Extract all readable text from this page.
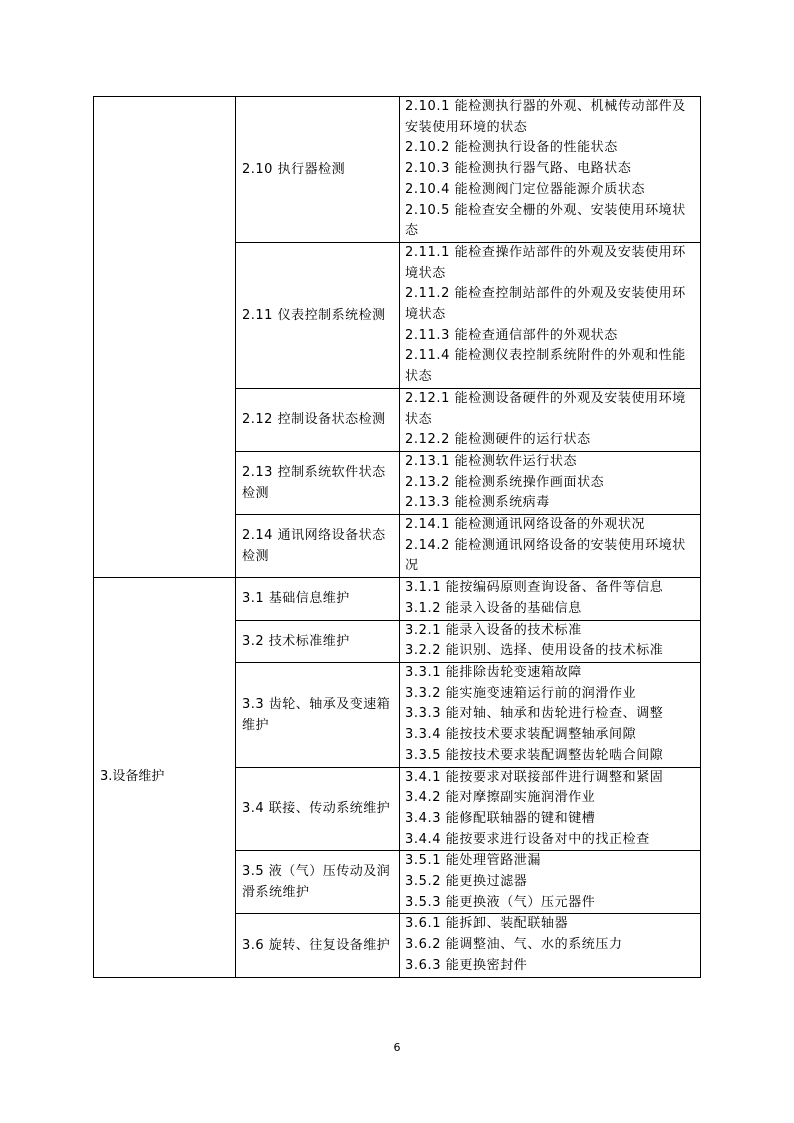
	2.10 执行器检测	2.10.1 能检测执行器的外观、机械传动部件及安装使用环境的状态
2.10.2 能检测执行设备的性能状态
2.10.3 能检测执行器气路、电路状态
2.10.4 能检测阀门定位器能源介质状态
2.10.5 能检查安全栅的外观、安装使用环境状态

	2.11 仪表控制系统检测	2.11.1 能检查操作站部件的外观及安装使用环境状态
2.11.2 能检查控制站部件的外观及安装使用环境状态
2.11.3 能检查通信部件的外观状态
2.11.4 能检测仪表控制系统附件的外观和性能状态

	2.12 控制设备状态检测	2.12.1 能检测设备硬件的外观及安装使用环境状态
2.12.2 能检测硬件的运行状态

	2.13 控制系统软件状态检测	2.13.1 能检测软件运行状态
2.13.2 能检测系统操作画面状态
2.13.3 能检测系统病毒

	2.14 通讯网络设备状态检测	2.14.1 能检测通讯网络设备的外观状况
2.14.2 能检测通讯网络设备的安装使用环境状况

3.设备维护	3.1 基础信息维护	3.1.1 能按编码原则查询设备、备件等信息
3.1.2 能录入设备的基础信息

	3.2 技术标准维护	3.2.1 能录入设备的技术标准
3.2.2 能识别、选择、使用设备的技术标准

	3.3 齿轮、轴承及变速箱维护	3.3.1 能排除齿轮变速箱故障
3.3.2 能实施变速箱运行前的润滑作业
3.3.3 能对轴、轴承和齿轮进行检查、调整
3.3.4 能按技术要求装配调整轴承间隙
3.3.5 能按技术要求装配调整齿轮啮合间隙

	3.4 联接、传动系统维护	3.4.1 能按要求对联接部件进行调整和紧固
3.4.2 能对摩擦副实施润滑作业
3.4.3 能修配联轴器的键和键槽
3.4.4 能按要求进行设备对中的找正检查

	3.5 液（气）压传动及润滑系统维护	3.5.1 能处理管路泄漏
3.5.2 能更换过滤器
3.5.3 能更换液（气）压元器件

	3.6 旋转、往复设备维护	3.6.1 能拆卸、装配联轴器
3.6.2 能调整油、气、水的系统压力
3.6.3 能更换密封件
6
